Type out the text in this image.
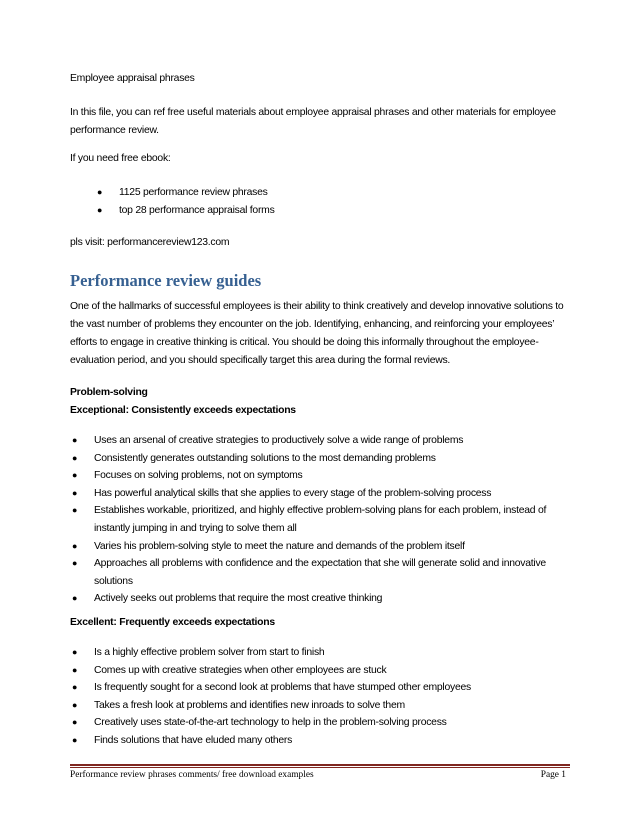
Employee appraisal phrases

In this file, you can ref free useful materials about employee appraisal phrases and other materials for employee performance review.

If you need free ebook:

● 1125 performance review phrases
● top 28 performance appraisal forms

pls visit: performancereview123.com

Performance review guides

One of the hallmarks of successful employees is their ability to think creatively and develop innovative solutions to the vast number of problems they encounter on the job. Identifying, enhancing, and reinforcing your employees’ efforts to engage in creative thinking is critical. You should be doing this informally throughout the employee-evaluation period, and you should specifically target this area during the formal reviews.

Problem-solving

Exceptional: Consistently exceeds expectations

● Uses an arsenal of creative strategies to productively solve a wide range of problems
● Consistently generates outstanding solutions to the most demanding problems
● Focuses on solving problems, not on symptoms
● Has powerful analytical skills that she applies to every stage of the problem-solving process
● Establishes workable, prioritized, and highly effective problem-solving plans for each problem, instead of instantly jumping in and trying to solve them all
● Varies his problem-solving style to meet the nature and demands of the problem itself
● Approaches all problems with confidence and the expectation that she will generate solid and innovative solutions
● Actively seeks out problems that require the most creative thinking

Excellent: Frequently exceeds expectations

● Is a highly effective problem solver from start to finish
● Comes up with creative strategies when other employees are stuck
● Is frequently sought for a second look at problems that have stumped other employees
● Takes a fresh look at problems and identifies new inroads to solve them
● Creatively uses state-of-the-art technology to help in the problem-solving process
● Finds solutions that have eluded many others
Performance review phrases comments/ free download examples	Page 1
